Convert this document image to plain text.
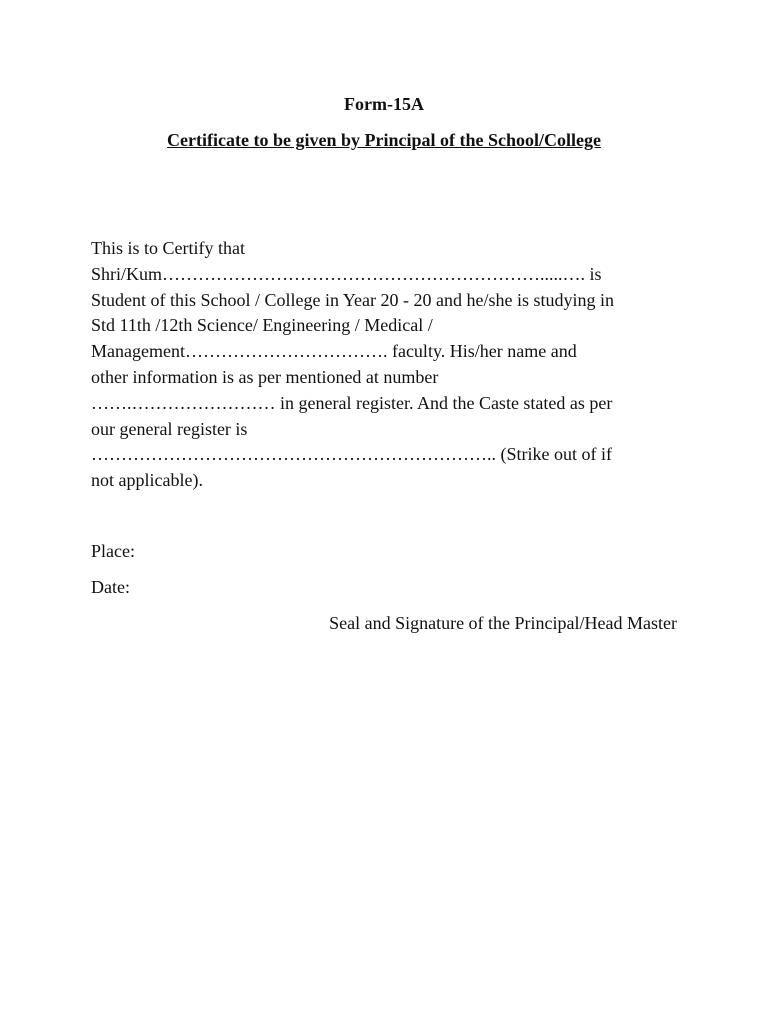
Form-15A
Certificate to be given by Principal of the School/College
This is to Certify that
Shri/Kum……………………………………………………….....…. is
Student of this School / College in Year 20 - 20 and he/she is studying in
Std 11th /12th Science/ Engineering / Medical /
Management……………………………. faculty. His/her name and
other information is as per mentioned at number
…….…………………… in general register. And the Caste stated as per
our general register is
………………………………………………………….. (Strike out of if
not applicable).

Place:

Date:

Seal and Signature of the Principal/Head Master
